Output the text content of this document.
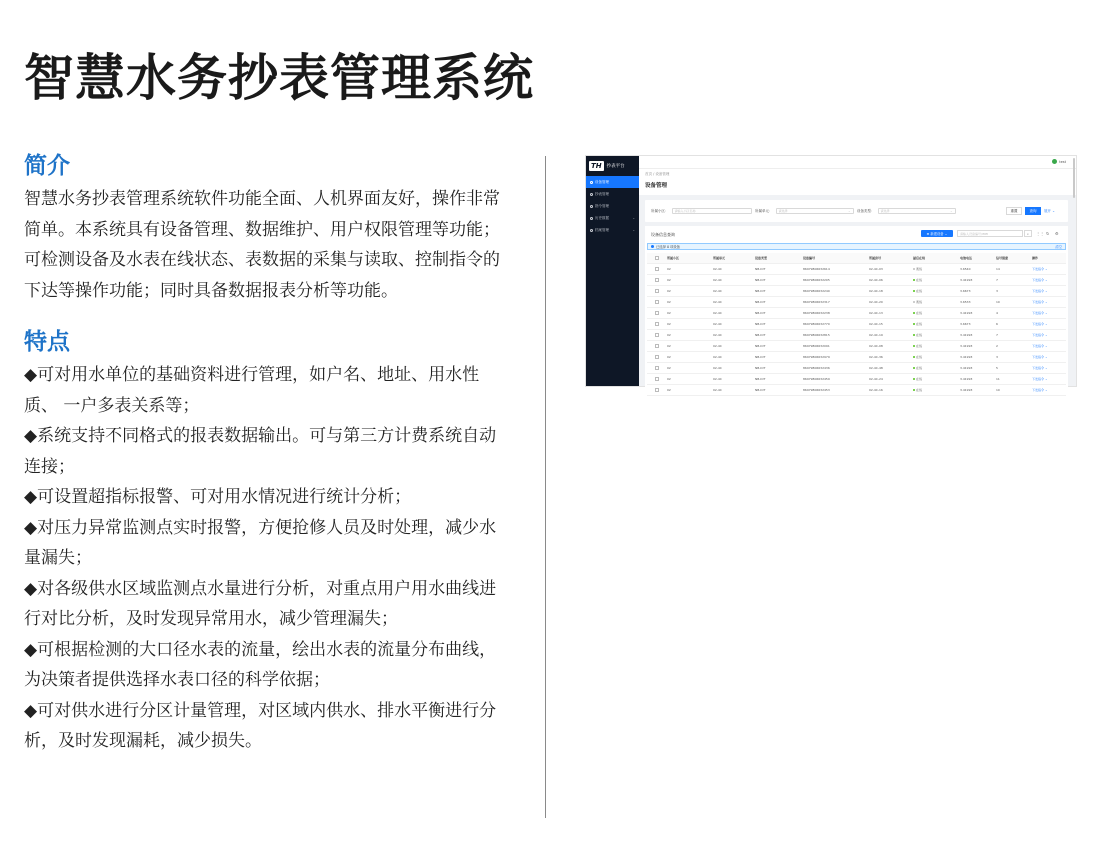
智慧水务抄表管理系统
简介

智慧水务抄表管理系统软件功能全面、人机界面友好，操作非常简单。本系统具有设备管理、数据维护、用户权限管理等功能；可检测设备及水表在线状态、表数据的采集与读取、控制指令的下达等操作功能；同时具备数据报表分析等功能。

特点
◆可对用水单位的基础资料进行管理，如户名、地址、用水性质、 一户多表关系等；
◆系统支持不同格式的报表数据输出。可与第三方计费系统自动连接；
◆可设置超指标报警、可对用水情况进行统计分析；
◆对压力异常监测点实时报警，方便抢修人员及时处理，减少水量漏失；
◆对各级供水区域监测点水量进行分析，对重点用户用水曲线进行对比分析，及时发现异常用水，减少管理漏失；
◆可根据检测的大口径水表的流量，绘出水表的流量分布曲线，为决策者提供选择水表口径的科学依据；
◆可对供水进行分区计量管理，对区域内供水、排水平衡进行分析，及时发现漏耗，减少损失。
TH	抄表平台
设备管理
抄表管理
指令管理
历史数据	⌄
档案管理	⌄
test
首页 / 设备管理
设备管理
所属小区： 请输入小区名称	所属单元： 请选择	⌄ 设备类型： 请选择	⌄	重置	查询	展开 ⌄
设备信息查询	⊕ 新建设备 ⌄	请输入设备编号/IMEI	⌕	⋮⋮ ↻ ⚙
已选择 0 项设备	清空
所属小区	所属单元	设备类型	设备编号	所属房号	最后在线	电池电压	信号强度	操作
02	02-4C	NB-IOT	86979806632614	02-4C-03	离线	3.6540	14	下发指令 ⌄
02	02-4C	NB-IOT	86979806632205	02-4C-06	在线	3.41993	7	下发指令 ⌄
02	02-4C	NB-IOT	86979806632240	02-4C-18	在线	3.6673	3	下发指令 ⌄
02	02-4C	NB-IOT	86979806632317	02-4C-20	离线	3.6533	10	下发指令 ⌄
02	02-4C	NB-IOT	86979806632238	02-4C-13	在线	3.41993	4	下发指令 ⌄
02	02-4C	NB-IOT	86979806632770	02-4C-15	在线	3.6673	6	下发指令 ⌄
02	02-4C	NB-IOT	86979806632815	02-4C-19	在线	3.41993	7	下发指令 ⌄
02	02-4C	NB-IOT	86979806632091	02-4C-08	在线	3.41993	2	下发指令 ⌄
02	02-4C	NB-IOT	86979806632979	02-4C-36	在线	3.41993	3	下发指令 ⌄
02	02-4C	NB-IOT	86979806632436	02-4C-48	在线	3.41993	5	下发指令 ⌄
02	02-4C	NB-IOT	86979806632459	02-4C-24	在线	3.41993	11	下发指令 ⌄
02	02-4C	NB-IOT	86979806632453	02-4C-16	在线	3.41993	10	下发指令 ⌄
